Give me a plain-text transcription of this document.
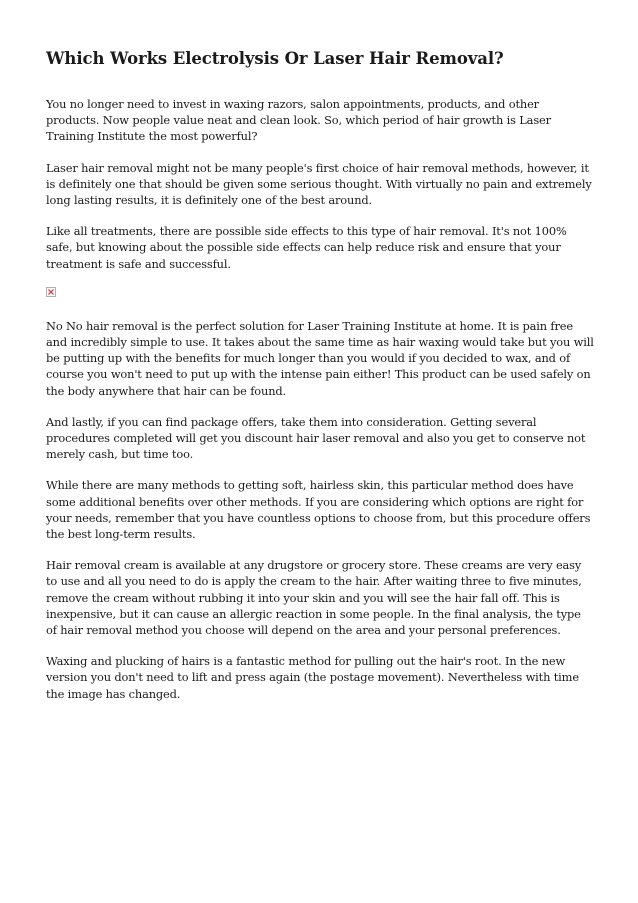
Which Works Electrolysis Or Laser Hair Removal?

You no longer need to invest in waxing razors, salon appointments, products, and other products. Now people value neat and clean look. So, which period of hair growth is Laser Training Institute the most powerful?

Laser hair removal might not be many people's first choice of hair removal methods, however, it is definitely one that should be given some serious thought. With virtually no pain and extremely long lasting results, it is definitely one of the best around.

Like all treatments, there are possible side effects to this type of hair removal. It's not 100% safe, but knowing about the possible side effects can help reduce risk and ensure that your treatment is safe and successful.

No No hair removal is the perfect solution for Laser Training Institute at home. It is pain free and incredibly simple to use. It takes about the same time as hair waxing would take but you will be putting up with the benefits for much longer than you would if you decided to wax, and of course you won't need to put up with the intense pain either! This product can be used safely on the body anywhere that hair can be found.

And lastly, if you can find package offers, take them into consideration. Getting several procedures completed will get you discount hair laser removal and also you get to conserve not merely cash, but time too.

While there are many methods to getting soft, hairless skin, this particular method does have some additional benefits over other methods. If you are considering which options are right for your needs, remember that you have countless options to choose from, but this procedure offers the best long-term results.

Hair removal cream is available at any drugstore or grocery store. These creams are very easy to use and all you need to do is apply the cream to the hair. After waiting three to five minutes, remove the cream without rubbing it into your skin and you will see the hair fall off. This is inexpensive, but it can cause an allergic reaction in some people. In the final analysis, the type of hair removal method you choose will depend on the area and your personal preferences.

Waxing and plucking of hairs is a fantastic method for pulling out the hair's root. In the new version you don't need to lift and press again (the postage movement). Nevertheless with time the image has changed.
